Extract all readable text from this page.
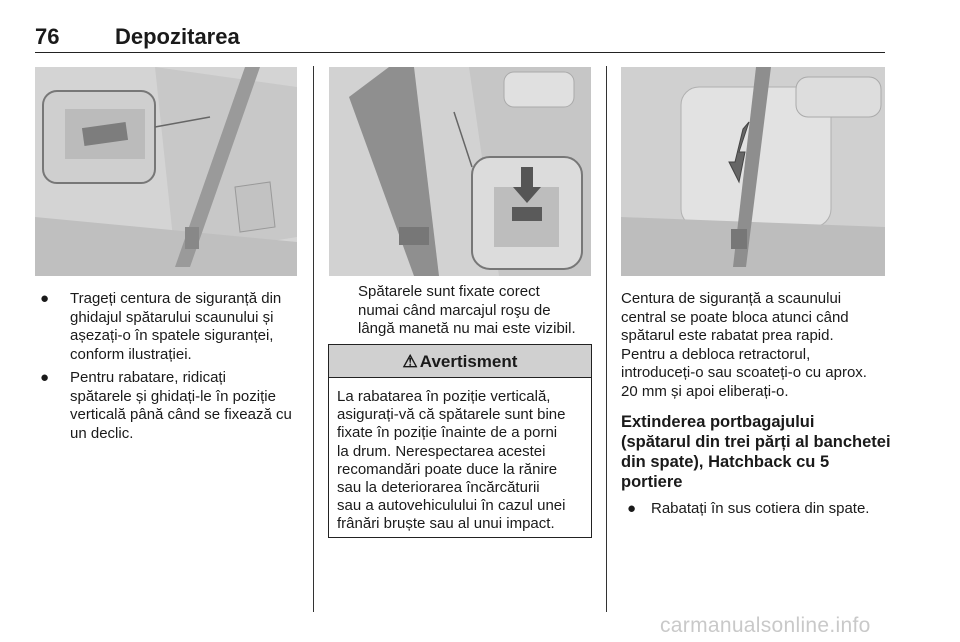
76	Depozitarea
● Trageți centura de siguranță din
ghidajul spătarului scaunului și
așezați-o în spatele siguranței,
conform ilustrației.
● Pentru rabatare, ridicați
spătarele și ghidați-le în poziție
verticală până când se fixează cu
un declic.
Spătarele sunt fixate corect
numai când marcajul roşu de
lângă manetă nu mai este vizibil.
⚠ Avertisment
La rabatarea în poziție verticală,
asigurați-vă că spătarele sunt bine
fixate în poziție înainte de a porni
la drum. Nerespectarea acestei
recomandări poate duce la rănire
sau la deteriorarea încărcăturii
sau a autovehiculului în cazul unei
frânări bruște sau al unui impact.
Centura de siguranță a scaunului
central se poate bloca atunci când
spătarul este rabatat prea rapid.
Pentru a debloca retractorul,
introduceți-o sau scoateți-o cu aprox.
20 mm și apoi eliberați-o.
Extinderea portbagajului
(spătarul din trei părți al banchetei
din spate), Hatchback cu 5
portiere
● Rabatați în sus cotiera din spate.
carmanualsonline.info
